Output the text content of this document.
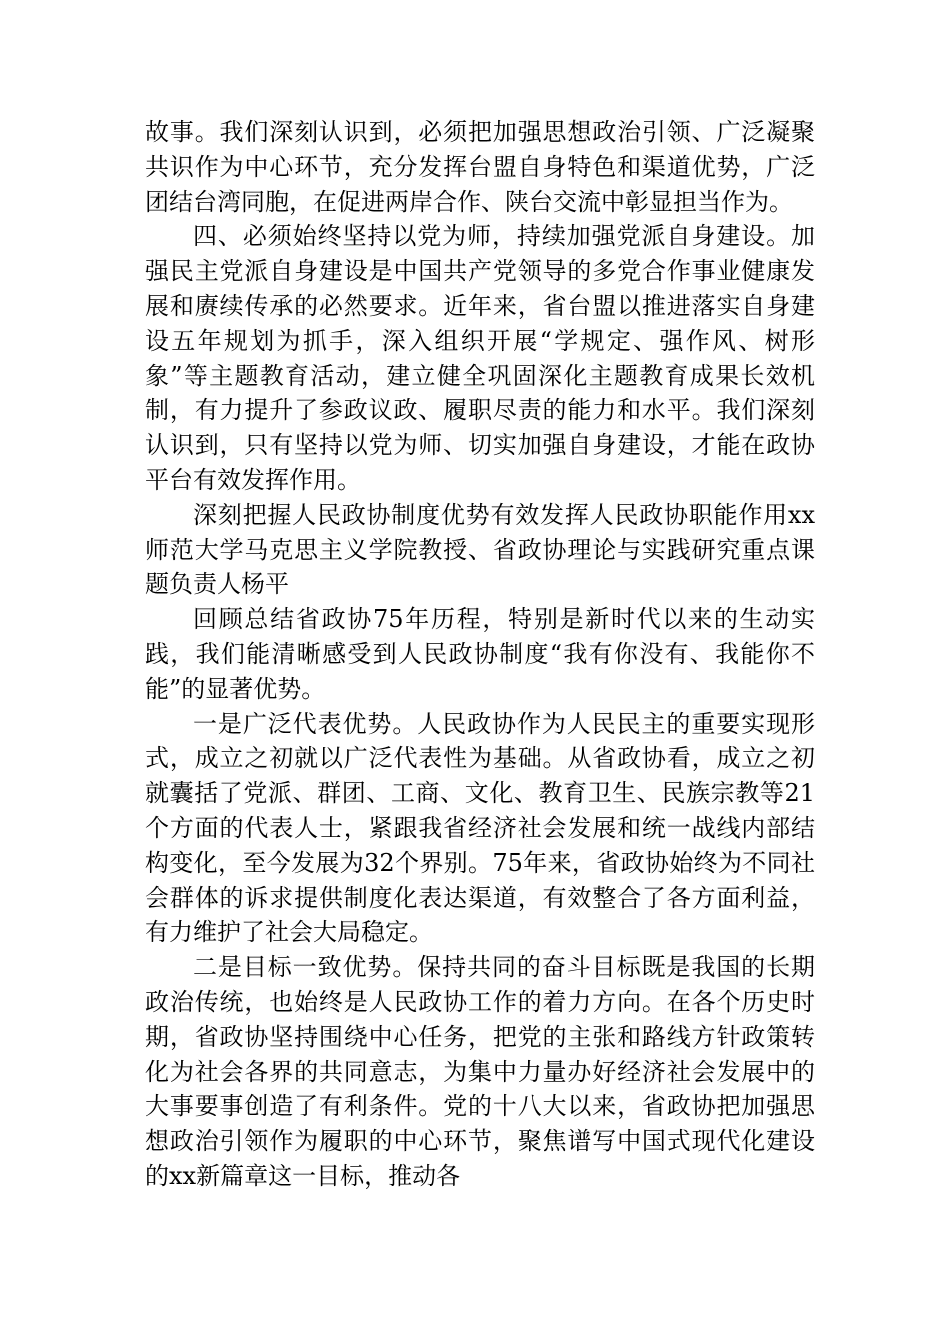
故事。我们深刻认识到，必须把加强思想政治引领、广泛凝聚共识作为中心环节，充分发挥台盟自身特色和渠道优势，广泛团结台湾同胞，在促进两岸合作、陕台交流中彰显担当作为。

四、必须始终坚持以党为师，持续加强党派自身建设。加强民主党派自身建设是中国共产党领导的多党合作事业健康发展和赓续传承的必然要求。近年来，省台盟以推进落实自身建设五年规划为抓手，深入组织开展“学规定、强作风、树形象”等主题教育活动，建立健全巩固深化主题教育成果长效机制，有力提升了参政议政、履职尽责的能力和水平。我们深刻认识到，只有坚持以党为师、切实加强自身建设，才能在政协平台有效发挥作用。

深刻把握人民政协制度优势有效发挥人民政协职能作用xx师范大学马克思主义学院教授、省政协理论与实践研究重点课题负责人杨平

回顾总结省政协75年历程，特别是新时代以来的生动实践，我们能清晰感受到人民政协制度“我有你没有、我能你不能”的显著优势。

一是广泛代表优势。人民政协作为人民民主的重要实现形式，成立之初就以广泛代表性为基础。从省政协看，成立之初就囊括了党派、群团、工商、文化、教育卫生、民族宗教等21个方面的代表人士，紧跟我省经济社会发展和统一战线内部结构变化，至今发展为32个界别。75年来，省政协始终为不同社会群体的诉求提供制度化表达渠道，有效整合了各方面利益，有力维护了社会大局稳定。

二是目标一致优势。保持共同的奋斗目标既是我国的长期政治传统，也始终是人民政协工作的着力方向。在各个历史时期，省政协坚持围绕中心任务，把党的主张和路线方针政策转化为社会各界的共同意志，为集中力量办好经济社会发展中的大事要事创造了有利条件。党的十八大以来，省政协把加强思想政治引领作为履职的中心环节，聚焦谱写中国式现代化建设的xx新篇章这一目标，推动各
